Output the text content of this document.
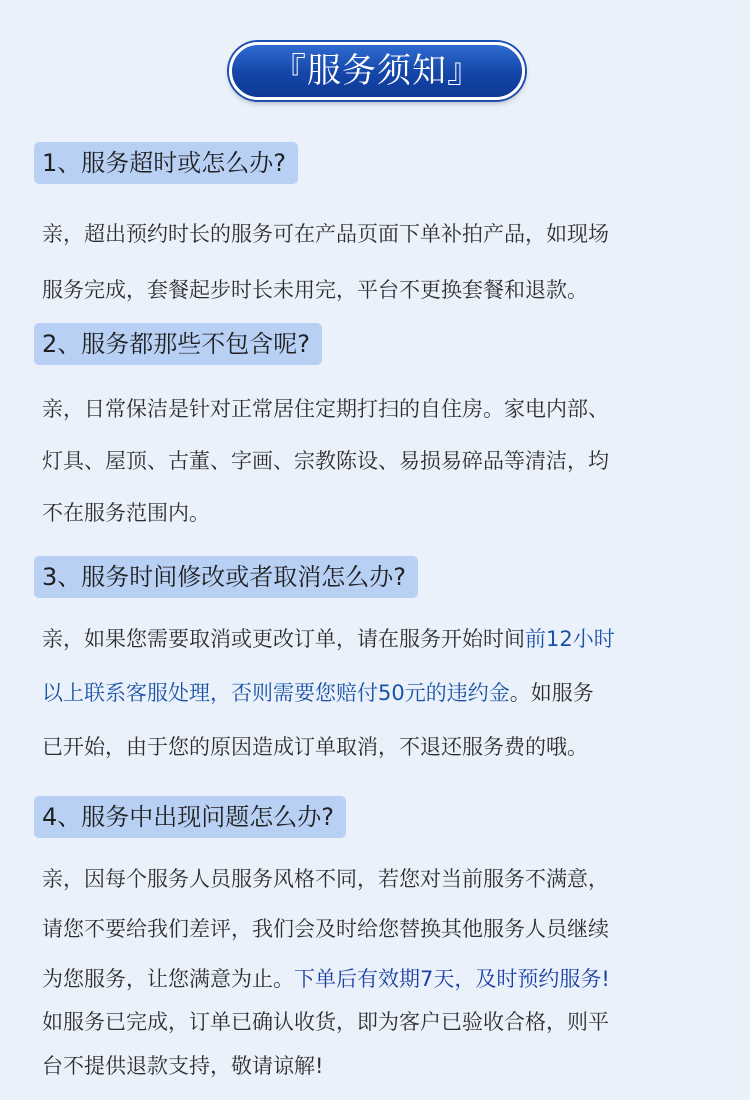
『服务须知』
1、服务超时或怎么办?
亲，超出预约时长的服务可在产品页面下单补拍产品，如现场
服务完成，套餐起步时长未用完，平台不更换套餐和退款。
2、服务都那些不包含呢?
亲，日常保洁是针对正常居住定期打扫的自住房。家电内部、
灯具、屋顶、古董、字画、宗教陈设、易损易碎品等清洁，均
不在服务范围内。
3、服务时间修改或者取消怎么办?
亲，如果您需要取消或更改订单，请在服务开始时间前12小时
以上联系客服处理，否则需要您赔付50元的违约金。如服务
已开始，由于您的原因造成订单取消，不退还服务费的哦。
4、服务中出现问题怎么办?
亲，因每个服务人员服务风格不同，若您对当前服务不满意，
请您不要给我们差评，我们会及时给您替换其他服务人员继续
为您服务，让您满意为止。下单后有效期7天，及时预约服务!
如服务已完成，订单已确认收货，即为客户已验收合格，则平
台不提供退款支持，敬请谅解!
